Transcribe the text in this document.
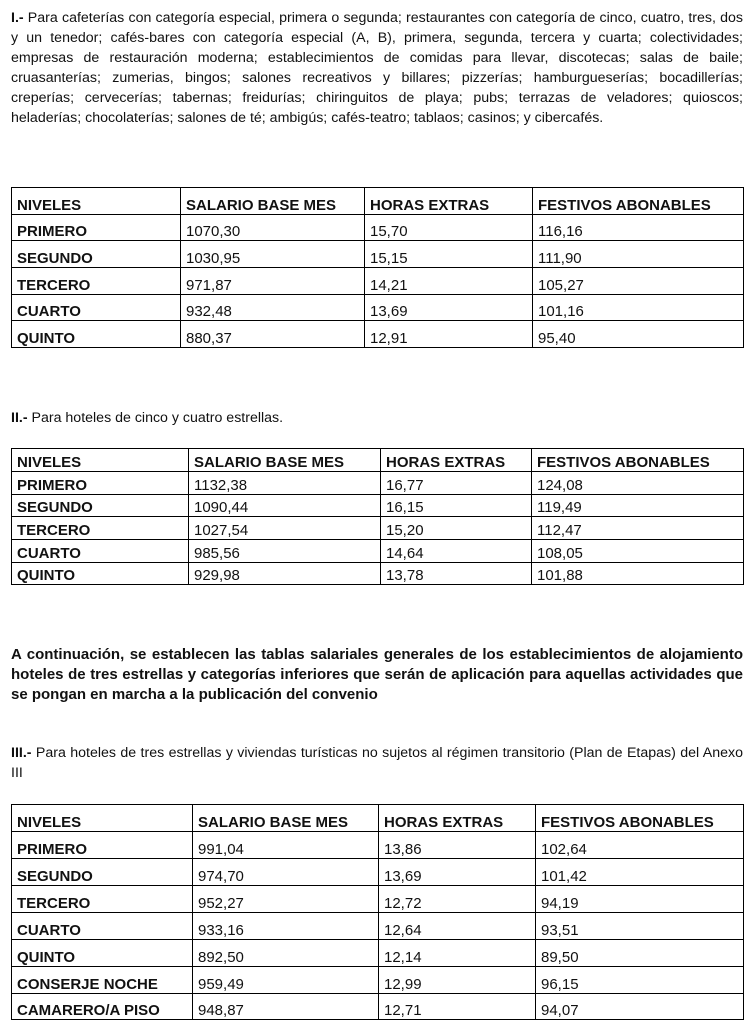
I.- Para cafeterías con categoría especial, primera o segunda; restaurantes con categoría de cinco, cuatro, tres, dos y un tenedor; cafés-bares con categoría especial (A, B), primera, segunda, tercera y cuarta; colectividades; empresas de restauración moderna; establecimientos de comidas para llevar, discotecas; salas de baile; cruasanterías; zumerias, bingos; salones recreativos y billares; pizzerías; hamburgueserías; bocadillerías; creperías; cervecerías; tabernas; freidurías; chiringuitos de playa; pubs; terrazas de veladores; quioscos; heladerías; chocolaterías; salones de té; ambigús; cafés-teatro; tablaos; casinos; y cibercafés.

NIVELES	SALARIO BASE MES	HORAS EXTRAS	FESTIVOS ABONABLES
PRIMERO	1070,30	15,70	116,16
SEGUNDO	1030,95	15,15	111,90
TERCERO	971,87	14,21	105,27
CUARTO	932,48	13,69	101,16
QUINTO	880,37	12,91	95,40

II.- Para hoteles de cinco y cuatro estrellas.

NIVELES	SALARIO BASE MES	HORAS EXTRAS	FESTIVOS ABONABLES
PRIMERO	1132,38	16,77	124,08
SEGUNDO	1090,44	16,15	119,49
TERCERO	1027,54	15,20	112,47
CUARTO	985,56	14,64	108,05
QUINTO	929,98	13,78	101,88

A continuación, se establecen las tablas salariales generales de los establecimientos de alojamiento hoteles de tres estrellas y categorías inferiores que serán de aplicación para aquellas actividades que se pongan en marcha a la publicación del convenio

III.- Para hoteles de tres estrellas y viviendas turísticas no sujetos al régimen transitorio (Plan de Etapas) del Anexo III

NIVELES	SALARIO BASE MES	HORAS EXTRAS	FESTIVOS ABONABLES
PRIMERO	991,04	13,86	102,64
SEGUNDO	974,70	13,69	101,42
TERCERO	952,27	12,72	94,19
CUARTO	933,16	12,64	93,51
QUINTO	892,50	12,14	89,50
CONSERJE NOCHE	959,49	12,99	96,15
CAMARERO/A PISO	948,87	12,71	94,07
